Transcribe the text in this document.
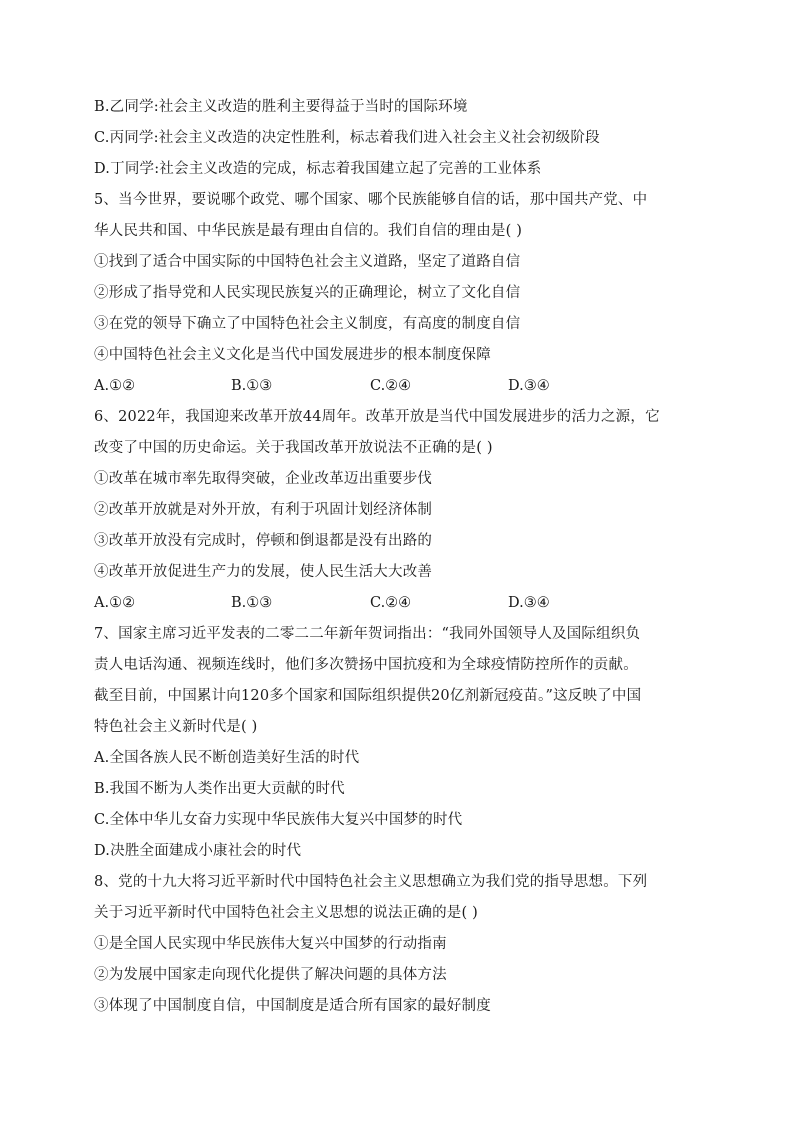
B.乙同学:社会主义改造的胜利主要得益于当时的国际环境
C.丙同学:社会主义改造的决定性胜利，标志着我们进入社会主义社会初级阶段
D.丁同学:社会主义改造的完成，标志着我国建立起了完善的工业体系
5、当今世界，要说哪个政党、哪个国家、哪个民族能够自信的话，那中国共产党、中
华人民共和国、中华民族是最有理由自信的。我们自信的理由是( )
①找到了适合中国实际的中国特色社会主义道路，坚定了道路自信
②形成了指导党和人民实现民族复兴的正确理论，树立了文化自信
③在党的领导下确立了中国特色社会主义制度，有高度的制度自信
④中国特色社会主义文化是当代中国发展进步的根本制度保障
A.①②	B.①③	C.②④	D.③④
6、2022年，我国迎来改革开放44周年。改革开放是当代中国发展进步的活力之源，它
改变了中国的历史命运。关于我国改革开放说法不正确的是( )
①改革在城市率先取得突破，企业改革迈出重要步伐
②改革开放就是对外开放，有利于巩固计划经济体制
③改革开放没有完成时，停顿和倒退都是没有出路的
④改革开放促进生产力的发展，使人民生活大大改善
A.①②	B.①③	C.②④	D.③④
7、国家主席习近平发表的二零二二年新年贺词指出：“我同外国领导人及国际组织负
责人电话沟通、视频连线时，他们多次赞扬中国抗疫和为全球疫情防控所作的贡献。
截至目前，中国累计向120多个国家和国际组织提供20亿剂新冠疫苗。”这反映了中国
特色社会主义新时代是( )
A.全国各族人民不断创造美好生活的时代
B.我国不断为人类作出更大贡献的时代
C.全体中华儿女奋力实现中华民族伟大复兴中国梦的时代
D.决胜全面建成小康社会的时代
8、党的十九大将习近平新时代中国特色社会主义思想确立为我们党的指导思想。下列
关于习近平新时代中国特色社会主义思想的说法正确的是( )
①是全国人民实现中华民族伟大复兴中国梦的行动指南
②为发展中国家走向现代化提供了解决问题的具体方法
③体现了中国制度自信，中国制度是适合所有国家的最好制度
